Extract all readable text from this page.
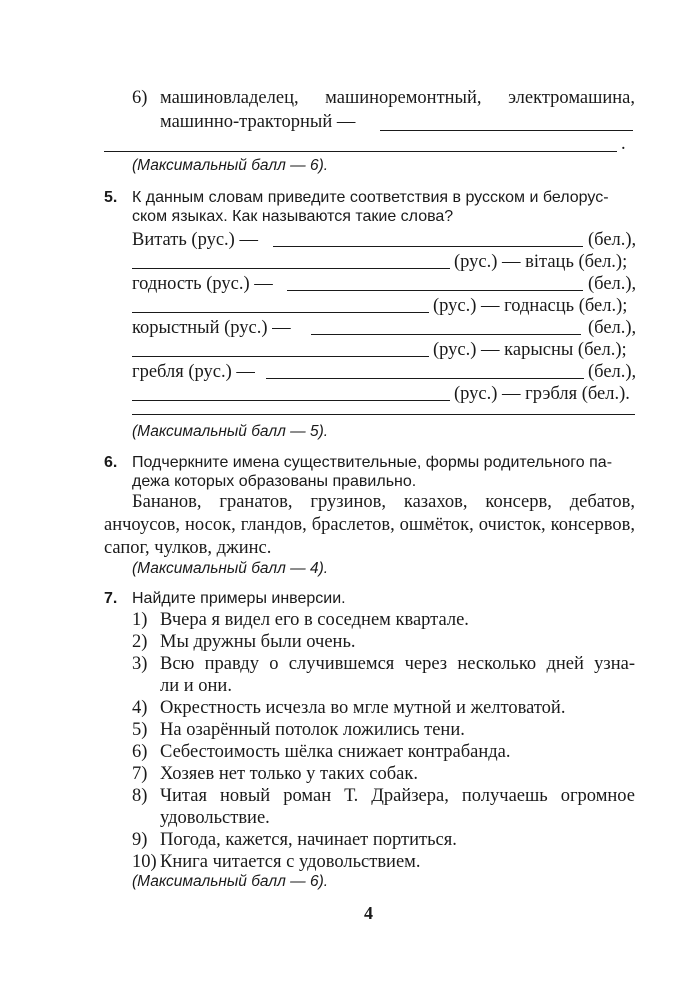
6) машиновладелец, машиноремонтный, электромашина,
машинно-тракторный —
.
(Максимальный балл — 6).
5. К данным словам приведите соответствия в русском и белорус-
ском языках. Как называются такие слова?
Витать (рус.) —	(бел.),
(рус.) — вітаць (бел.);
годность (рус.) —	(бел.),
(рус.) — годнасць (бел.);
корыстный (рус.) —	(бел.),
(рус.) — карысны (бел.);
гребля (рус.) —	(бел.),
(рус.) — грэбля (бел.).
(Максимальный балл — 5).
6. Подчеркните имена существительные, формы родительного па-
дежа которых образованы правильно.
Бананов, гранатов, грузинов, казахов, консерв, дебатов, анчоусов, носок, гландов, браслетов, ошмёток, очисток, консервов, сапог, чулков, джинс.
(Максимальный балл — 4).
7. Найдите примеры инверсии.
1) Вчера я видел его в соседнем квартале.
2) Мы дружны были очень.
3) Всю правду о случившемся через несколько дней узна-
ли и они.
4) Окрестность исчезла во мгле мутной и желтоватой.
5) На озарённый потолок ложились тени.
6) Себестоимость шёлка снижает контрабанда.
7) Хозяев нет только у таких собак.
8) Читая новый роман Т. Драйзера, получаешь огромное
удовольствие.
9) Погода, кажется, начинает портиться.
10) Книга читается с удовольствием.
(Максимальный балл — 6).
4
